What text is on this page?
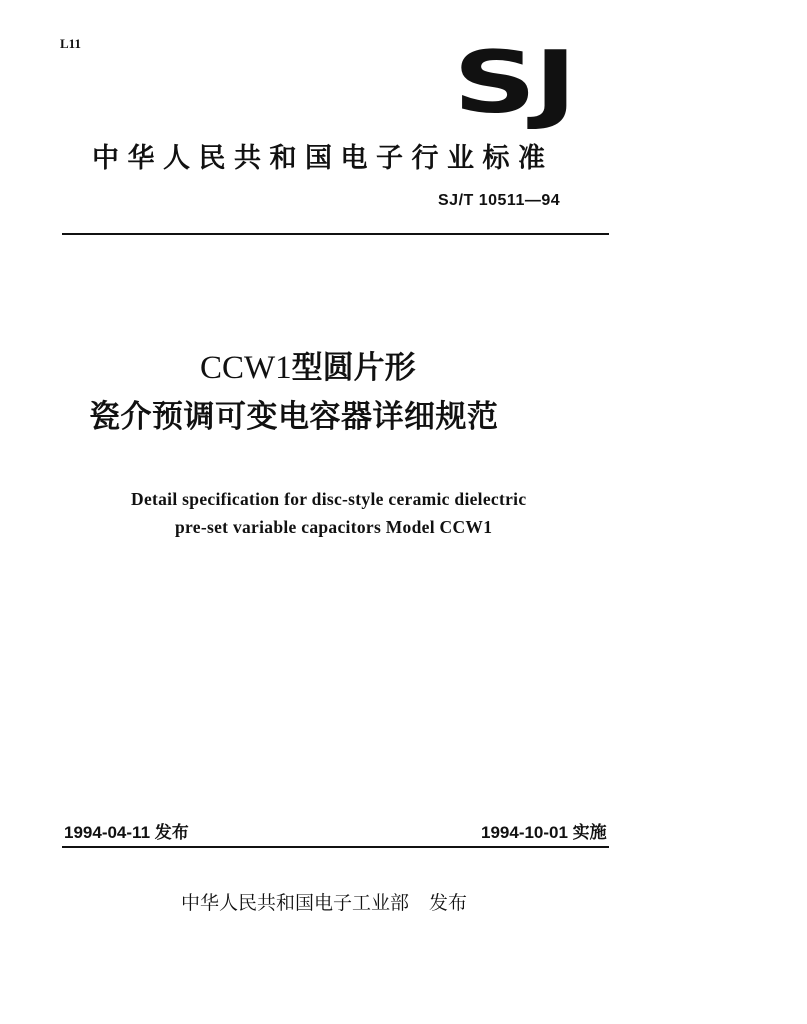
L11	SJ
中华人民共和国电子行业标准
SJ/T 10511—94
CCW1型圆片形
瓷介预调可变电容器详细规范
Detail specification for disc-style ceramic dielectric
pre-set variable capacitors Model CCW1
1994-04-11 发布	1994-10-01 实施
中华人民共和国电子工业部 发布
